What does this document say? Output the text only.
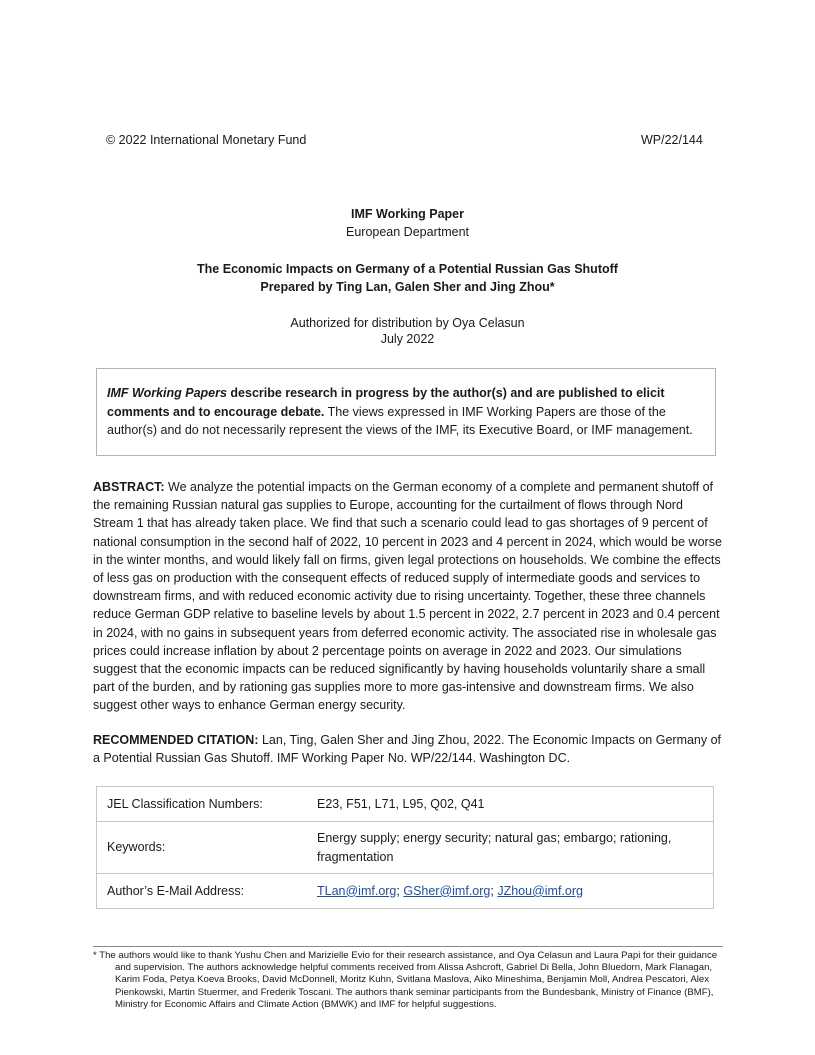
© 2022 International Monetary Fund	WP/22/144
IMF Working Paper
European Department
The Economic Impacts on Germany of a Potential Russian Gas Shutoff
Prepared by Ting Lan, Galen Sher and Jing Zhou*
Authorized for distribution by Oya Celasun
July 2022
IMF Working Papers describe research in progress by the author(s) and are published to elicit comments and to encourage debate. The views expressed in IMF Working Papers are those of the author(s) and do not necessarily represent the views of the IMF, its Executive Board, or IMF management.
ABSTRACT: We analyze the potential impacts on the German economy of a complete and permanent shutoff of the remaining Russian natural gas supplies to Europe, accounting for the curtailment of flows through Nord Stream 1 that has already taken place. We find that such a scenario could lead to gas shortages of 9 percent of national consumption in the second half of 2022, 10 percent in 2023 and 4 percent in 2024, which would be worse in the winter months, and would likely fall on firms, given legal protections on households. We combine the effects of less gas on production with the consequent effects of reduced supply of intermediate goods and services to downstream firms, and with reduced economic activity due to rising uncertainty. Together, these three channels reduce German GDP relative to baseline levels by about 1.5 percent in 2022, 2.7 percent in 2023 and 0.4 percent in 2024, with no gains in subsequent years from deferred economic activity. The associated rise in wholesale gas prices could increase inflation by about 2 percentage points on average in 2022 and 2023. Our simulations suggest that the economic impacts can be reduced significantly by having households voluntarily share a small part of the burden, and by rationing gas supplies more to more gas-intensive and downstream firms. We also suggest other ways to enhance German energy security.
RECOMMENDED CITATION: Lan, Ting, Galen Sher and Jing Zhou, 2022. The Economic Impacts on Germany of a Potential Russian Gas Shutoff. IMF Working Paper No. WP/22/144. Washington DC.
JEL Classification Numbers:	E23, F51, L71, L95, Q02, Q41
Keywords:	Energy supply; energy security; natural gas; embargo; rationing, fragmentation
Author’s E-Mail Address:	TLan@imf.org; GSher@imf.org; JZhou@imf.org
* The authors would like to thank Yushu Chen and Marizielle Evio for their research assistance, and Oya Celasun and Laura Papi for their guidance and supervision. The authors acknowledge helpful comments received from Alissa Ashcroft, Gabriel Di Bella, John Bluedorn, Mark Flanagan, Karim Foda, Petya Koeva Brooks, David McDonnell, Moritz Kuhn, Svitlana Maslova, Aiko Mineshima, Benjamin Moll, Andrea Pescatori, Alex Pienkowski, Martin Stuermer, and Frederik Toscani. The authors thank seminar participants from the Bundesbank, Ministry of Finance (BMF), Ministry for Economic Affairs and Climate Action (BMWK) and IMF for helpful suggestions.
